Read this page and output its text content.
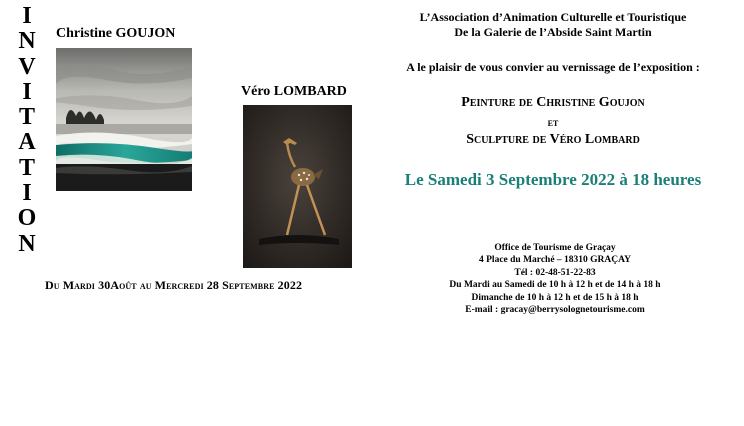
I
N
V
I
T
A
T
I
O
N
Christine GOUJON
Véro LOMBARD
Du Mardi 30Août au Mercredi 28 Septembre 2022
L’Association d’Animation Culturelle et Touristique
De la Galerie de l’Abside Saint Martin
A le plaisir de vous convier au vernissage de l’exposition :
Peinture de Christine Goujon
et
Sculpture de Véro Lombard
Le Samedi 3 Septembre 2022 à 18 heures
Office de Tourisme de Graçay
4 Place du Marché – 18310 GRAÇAY
Tél : 02-48-51-22-83
Du Mardi au Samedi de 10 h à 12 h et de 14 h à 18 h
Dimanche de 10 h à 12 h et de 15 h à 18 h
E-mail : gracay@berrysolognetourisme.com
